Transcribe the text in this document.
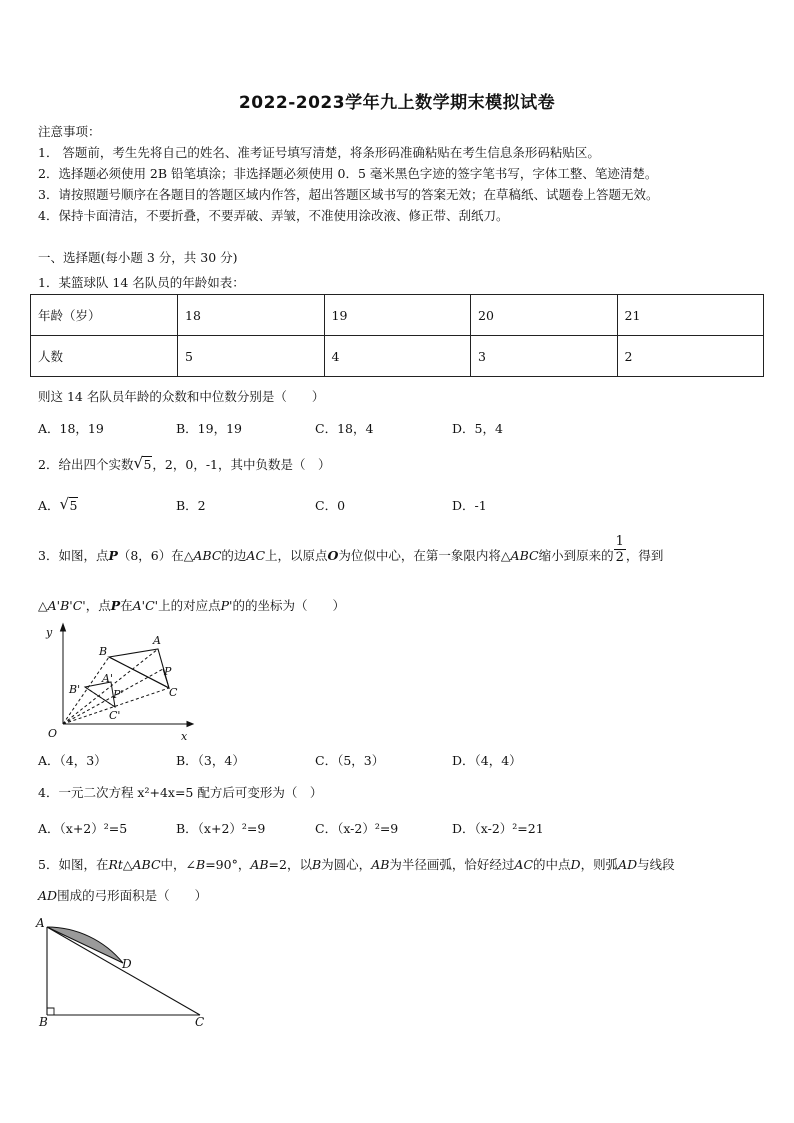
2022-2023学年九上数学期末模拟试卷
注意事项：
1． 答题前，考生先将自己的姓名、准考证号填写清楚，将条形码准确粘贴在考生信息条形码粘贴区。
2．选择题必须使用 2B 铅笔填涂；非选择题必须使用 0．5 毫米黑色字迹的签字笔书写，字体工整、笔迹清楚。
3．请按照题号顺序在各题目的答题区域内作答，超出答题区域书写的答案无效；在草稿纸、试题卷上答题无效。
4．保持卡面清洁，不要折叠，不要弄破、弄皱，不准使用涂改液、修正带、刮纸刀。
一、选择题(每小题 3 分，共 30 分)
1．某篮球队 14 名队员的年龄如表：
年龄（岁）	18	19	20	21
人数	5	4	3	2
则这 14 名队员年龄的众数和中位数分别是（　　）
A．18，19	B．19，19	C．18，4	D．5，4
2．给出四个实数 √ 5，2，0，-1，其中负数是（　）
A． √ 5	B．2	C．0	D．-1
3．如图，点P（8，6）在△ABC的边AC上，以原点O为位似中心，在第一象限内将△ABC缩小到原来的 $\frac{1}{2}$ ，得到
△A'B'C'，点P在A'C'上的对应点P'的的坐标为（　　）
y
x
O
A
B
C
P
A'
B'
C'
P'
A．（4，3）	B．（3，4）	C．（5，3）	D．（4，4）
4．一元二次方程 x²+4x=5 配方后可变形为（　）
A．（x+2）²=5	B．（x+2）²=9	C．（x-2）²=9	D．（x-2）²=21
5．如图，在Rt△ABC中，∠B=90°，AB=2，以B为圆心，AB为半径画弧，恰好经过AC的中点D，则弧AD与线段
AD围成的弓形面积是（　　）
A
B	C
D
